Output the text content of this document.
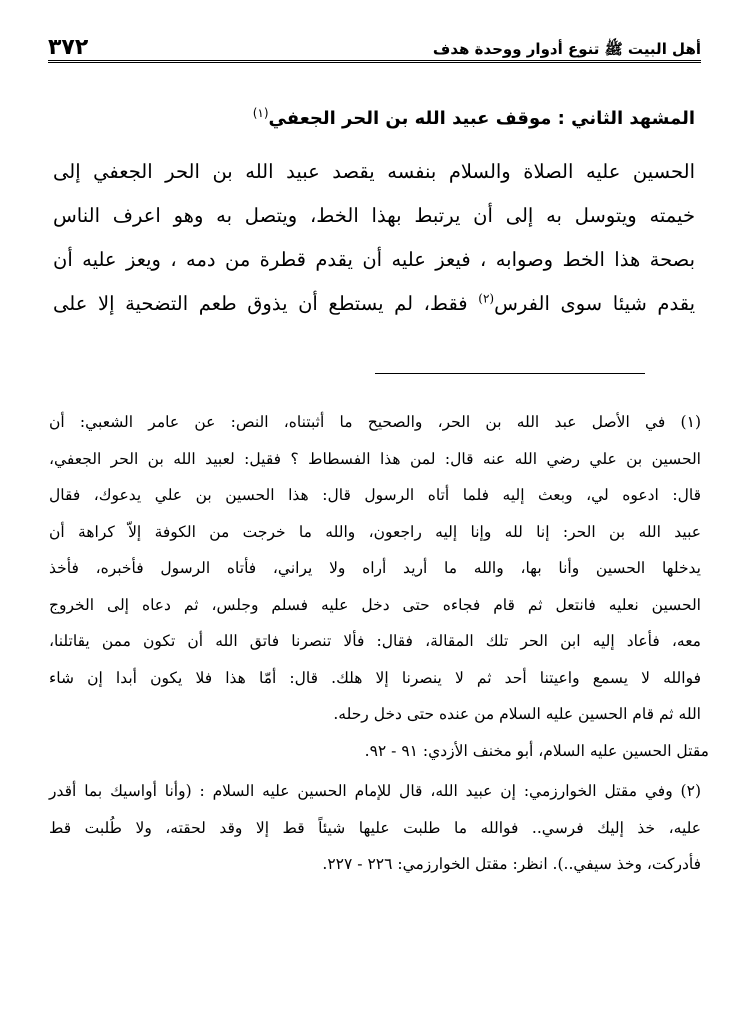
أهل البيت ﷺ تنوع أدوار ووحدة هدف
٣٧٢
المشهد الثاني : موقف عبيد الله بن الحر الجعفي$^{(١)}$
الحسين عليه الصلاة والسلام بنفسه يقصد عبيد الله بن الحر الجعفي إلى
خيمته ويتوسل به إلى أن يرتبط بهذا الخط، ويتصل به وهو اعرف الناس
بصحة هذا الخط وصوابه ، فيعز عليه أن يقدم قطرة من دمه ، ويعز عليه أن
يقدم شيئا سوى الفرس$^{(٢)}$ فقط، لم يستطع أن يذوق طعم التضحية إلا على
(١) في الأصل عبد الله بن الحر، والصحيح ما أثبتناه، النص: عن عامر الشعبي: أن
الحسين بن علي رضي الله عنه قال: لمن هذا الفسطاط ؟ فقيل: لعبيد الله بن الحر الجعفي،
قال: ادعوه لي، وبعث إليه فلما أتاه الرسول قال: هذا الحسين بن علي يدعوك، فقال
عبيد الله بن الحر: إنا لله وإنا إليه راجعون، والله ما خرجت من الكوفة إلاّ كراهة أن
يدخلها الحسين وأنا بها، والله ما أريد أراه ولا يراني، فأتاه الرسول فأخبره، فأخذ
الحسين نعليه فانتعل ثم قام فجاءه حتى دخل عليه فسلم وجلس، ثم دعاه إلى الخروج
معه، فأعاد إليه ابن الحر تلك المقالة، فقال: فألا تنصرنا فاتق الله أن تكون ممن يقاتلنا،
فوالله لا يسمع واعيتنا أحد ثم لا ينصرنا إلا هلك. قال: أمّا هذا فلا يكون أبدا إن شاء
الله ثم قام الحسين عليه السلام من عنده حتى دخل رحله.
مقتل الحسين عليه السلام، أبو مخنف الأزدي: ٩١ - ٩٢.
(٢) وفي مقتل الخوارزمي: إن عبيد الله، قال للإمام الحسين عليه السلام : (وأنا أواسيك بما أقدر
عليه، خذ إليك فرسي.. فوالله ما طلبت عليها شيئاً قط إلا وقد لحقته، ولا طُلبت قط
فأدركت، وخذ سيفي..). انظر: مقتل الخوارزمي: ٢٢٦ - ٢٢٧.
